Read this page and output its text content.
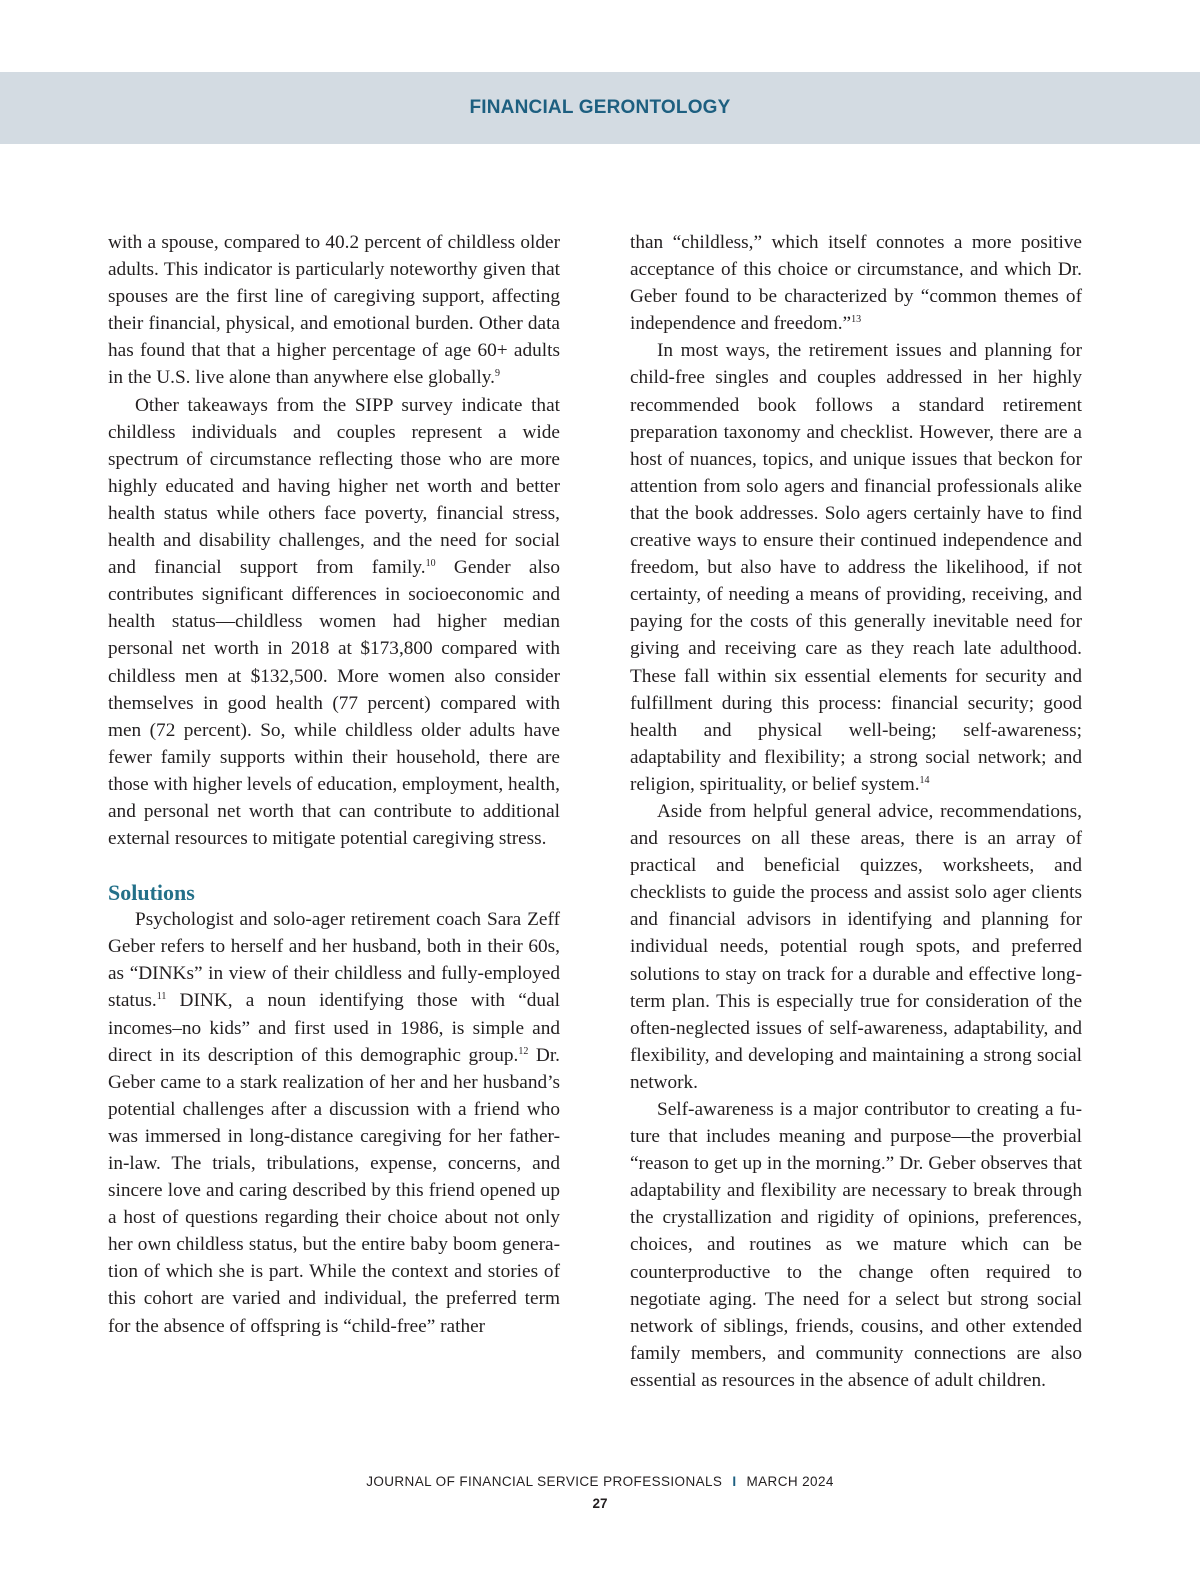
FINANCIAL GERONTOLOGY

with a spouse, compared to 40.2 percent of childless older adults. This indicator is particularly noteworthy given that spouses are the first line of caregiving support, affecting their financial, physical, and emotional burden. Other data has found that that a higher percentage of age 60+ adults in the U.S. live alone than anywhere else globally.$^9$

Other takeaways from the SIPP survey indicate that childless individuals and couples represent a wide spectrum of circumstance reflecting those who are more highly educated and having higher net worth and better health status while others face poverty, financial stress, health and disability challenges, and the need for social and financial support from family.$^{10}$ Gender also contributes significant differences in socioeconomic and health status—childless women had higher median personal net worth in 2018 at $173,800 compared with childless men at $132,500. More women also consider themselves in good health (77 percent) compared with men (72 percent). So, while childless older adults have fewer family supports within their household, there are those with higher levels of education, employment, health, and personal net worth that can contribute to additional external resources to mitigate potential caregiving stress.

Solutions

Psychologist and solo-ager retirement coach Sara Zeff Geber refers to herself and her husband, both in their 60s, as “DINKs” in view of their childless and fully-employed status.$^{11}$ DINK, a noun identifying those with “dual incomes–no kids” and first used in 1986, is simple and direct in its description of this demographic group.$^{12}$ Dr. Geber came to a stark realization of her and her husband’s potential challenges after a discussion with a friend who was immersed in long-distance caregiving for her father-in-law. The trials, tribulations, expense, concerns, and sincere love and caring described by this friend opened up a host of questions regarding their choice about not only her own childless status, but the entire baby boom generation of which she is part. While the context and stories of this cohort are varied and individual, the preferred term for the absence of offspring is “child-free” rather

than “childless,” which itself connotes a more positive acceptance of this choice or circumstance, and which Dr. Geber found to be characterized by “common themes of independence and freedom.”$^{13}$

In most ways, the retirement issues and planning for child-free singles and couples addressed in her highly recommended book follows a standard retirement preparation taxonomy and checklist. However, there are a host of nuances, topics, and unique issues that beckon for attention from solo agers and financial professionals alike that the book addresses. Solo agers certainly have to find creative ways to ensure their continued independence and freedom, but also have to address the likelihood, if not certainty, of needing a means of providing, receiving, and paying for the costs of this generally inevitable need for giving and receiving care as they reach late adulthood. These fall within six essential elements for security and fulfillment during this process: financial security; good health and physical well-being; self-awareness; adaptability and flexibility; a strong social network; and religion, spirituality, or belief system.$^{14}$

Aside from helpful general advice, recommendations, and resources on all these areas, there is an array of practical and beneficial quizzes, worksheets, and checklists to guide the process and assist solo ager clients and financial advisors in identifying and planning for individual needs, potential rough spots, and preferred solutions to stay on track for a durable and effective long-term plan. This is especially true for consideration of the often-neglected issues of self-awareness, adaptability, and flexibility, and developing and maintaining a strong social network.

Self-awareness is a major contributor to creating a future that includes meaning and purpose—the proverbial “reason to get up in the morning.” Dr. Geber observes that adaptability and flexibility are necessary to break through the crystallization and rigidity of opinions, preferences, choices, and routines as we mature which can be counterproductive to the change often required to negotiate aging. The need for a select but strong social network of siblings, friends, cousins, and other extended family members, and community connections are also essential as resources in the absence of adult children.

JOURNAL OF FINANCIAL SERVICE PROFESSIONALS I MARCH 2024
27
